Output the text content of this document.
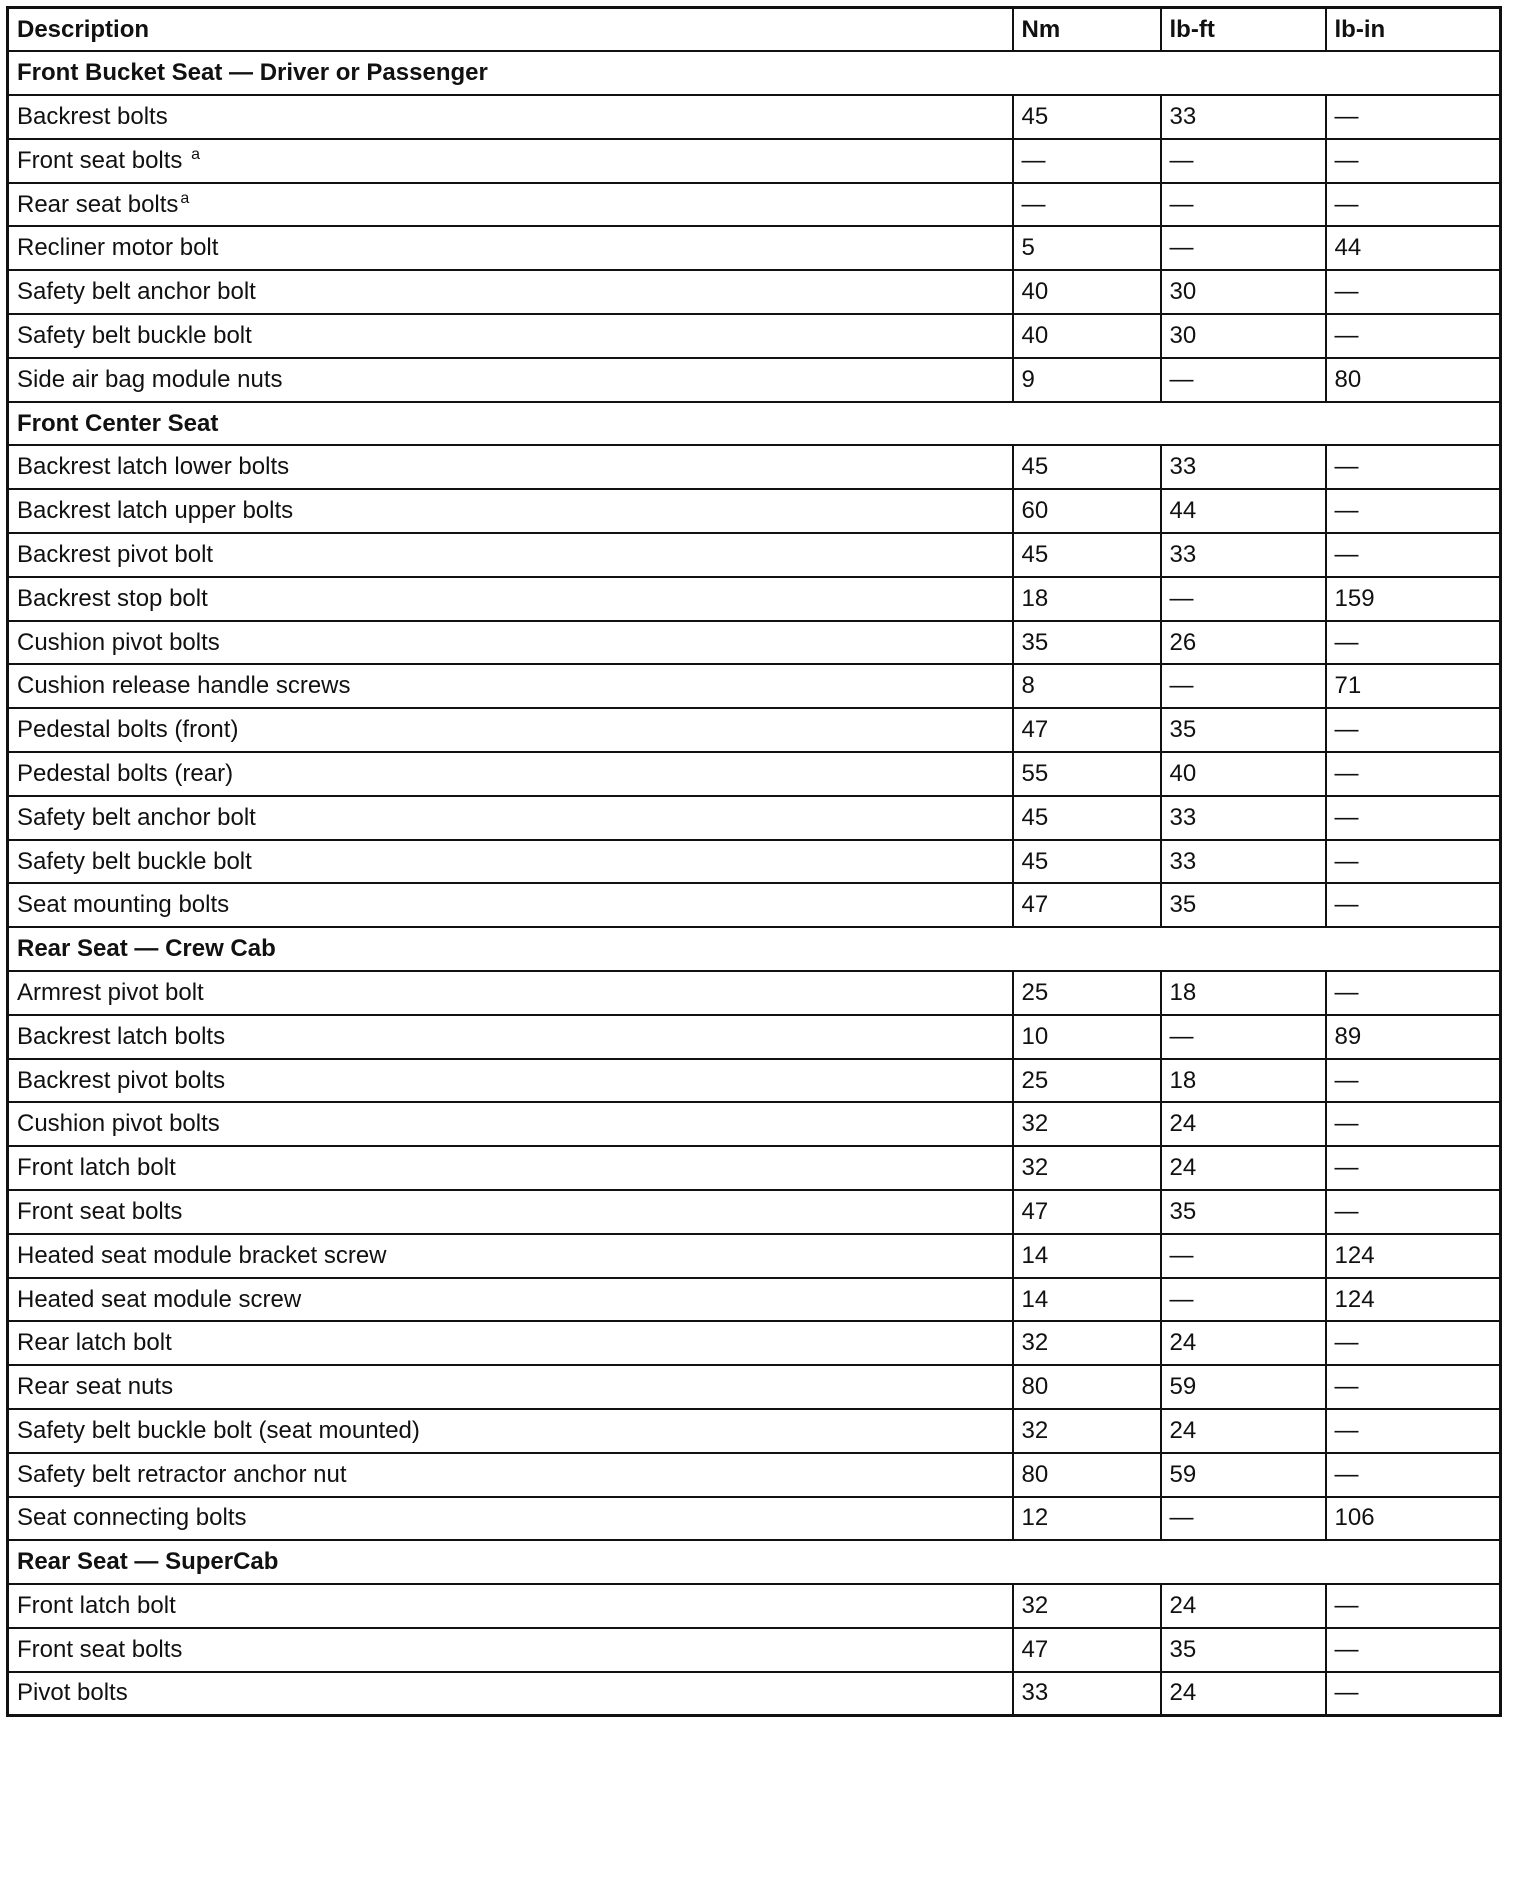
Description	Nm	lb-ft	lb-in
Front Bucket Seat — Driver or Passenger			
Backrest bolts	45	33	—
Front seat bolts $^a$	—	—	—
Rear seat bolts $^a$	—	—	—
Recliner motor bolt	5	—	44
Safety belt anchor bolt	40	30	—
Safety belt buckle bolt	40	30	—
Side air bag module nuts	9	—	80
Front Center Seat			
Backrest latch lower bolts	45	33	—
Backrest latch upper bolts	60	44	—
Backrest pivot bolt	45	33	—
Backrest stop bolt	18	—	159
Cushion pivot bolts	35	26	—
Cushion release handle screws	8	—	71
Pedestal bolts (front)	47	35	—
Pedestal bolts (rear)	55	40	—
Safety belt anchor bolt	45	33	—
Safety belt buckle bolt	45	33	—
Seat mounting bolts	47	35	—
Rear Seat — Crew Cab			
Armrest pivot bolt	25	18	—
Backrest latch bolts	10	—	89
Backrest pivot bolts	25	18	—
Cushion pivot bolts	32	24	—
Front latch bolt	32	24	—
Front seat bolts	47	35	—
Heated seat module bracket screw	14	—	124
Heated seat module screw	14	—	124
Rear latch bolt	32	24	—
Rear seat nuts	80	59	—
Safety belt buckle bolt (seat mounted)	32	24	—
Safety belt retractor anchor nut	80	59	—
Seat connecting bolts	12	—	106
Rear Seat — SuperCab			
Front latch bolt	32	24	—
Front seat bolts	47	35	—
Pivot bolts	33	24	—
